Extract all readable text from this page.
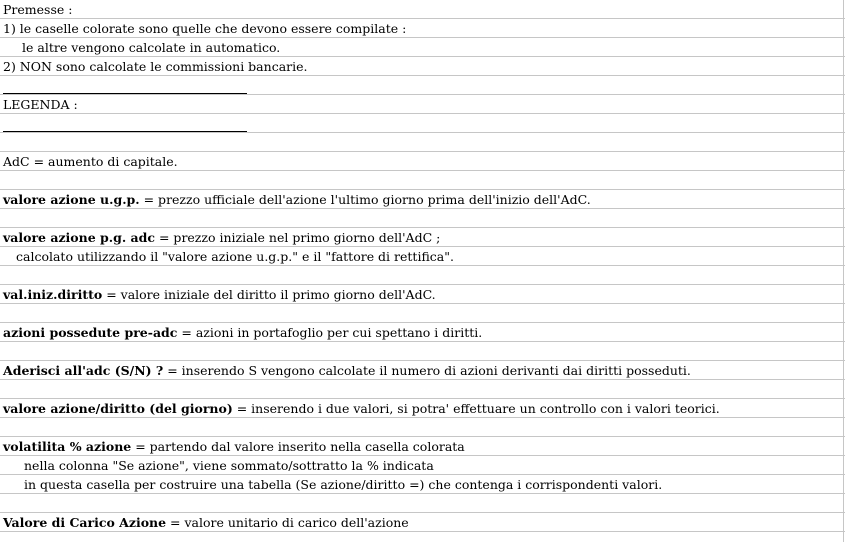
Premesse :
1) le caselle colorate sono quelle che devono essere compilate :
le altre vengono calcolate in automatico.
2) NON sono calcolate le commissioni bancarie.
LEGENDA :
AdC = aumento di capitale.
valore azione u.g.p. = prezzo ufficiale dell'azione l'ultimo giorno prima dell'inizio dell'AdC.
valore azione p.g. adc = prezzo iniziale nel primo giorno dell'AdC ;
calcolato utilizzando il "valore azione u.g.p." e il "fattore di rettifica".
val.iniz.diritto = valore iniziale del diritto il primo giorno dell'AdC.
azioni possedute pre-adc = azioni in portafoglio per cui spettano i diritti.
Aderisci all'adc (S/N) ? = inserendo S vengono calcolate il numero di azioni derivanti dai diritti posseduti.
valore azione/diritto (del giorno) = inserendo i due valori, si potra' effettuare un controllo con i valori teorici.
volatilita % azione = partendo dal valore inserito nella casella colorata
nella colonna "Se azione", viene sommato/sottratto la % indicata
in questa casella per costruire una tabella (Se azione/diritto =) che contenga i corrispondenti valori.
Valore di Carico Azione = valore unitario di carico dell'azione
